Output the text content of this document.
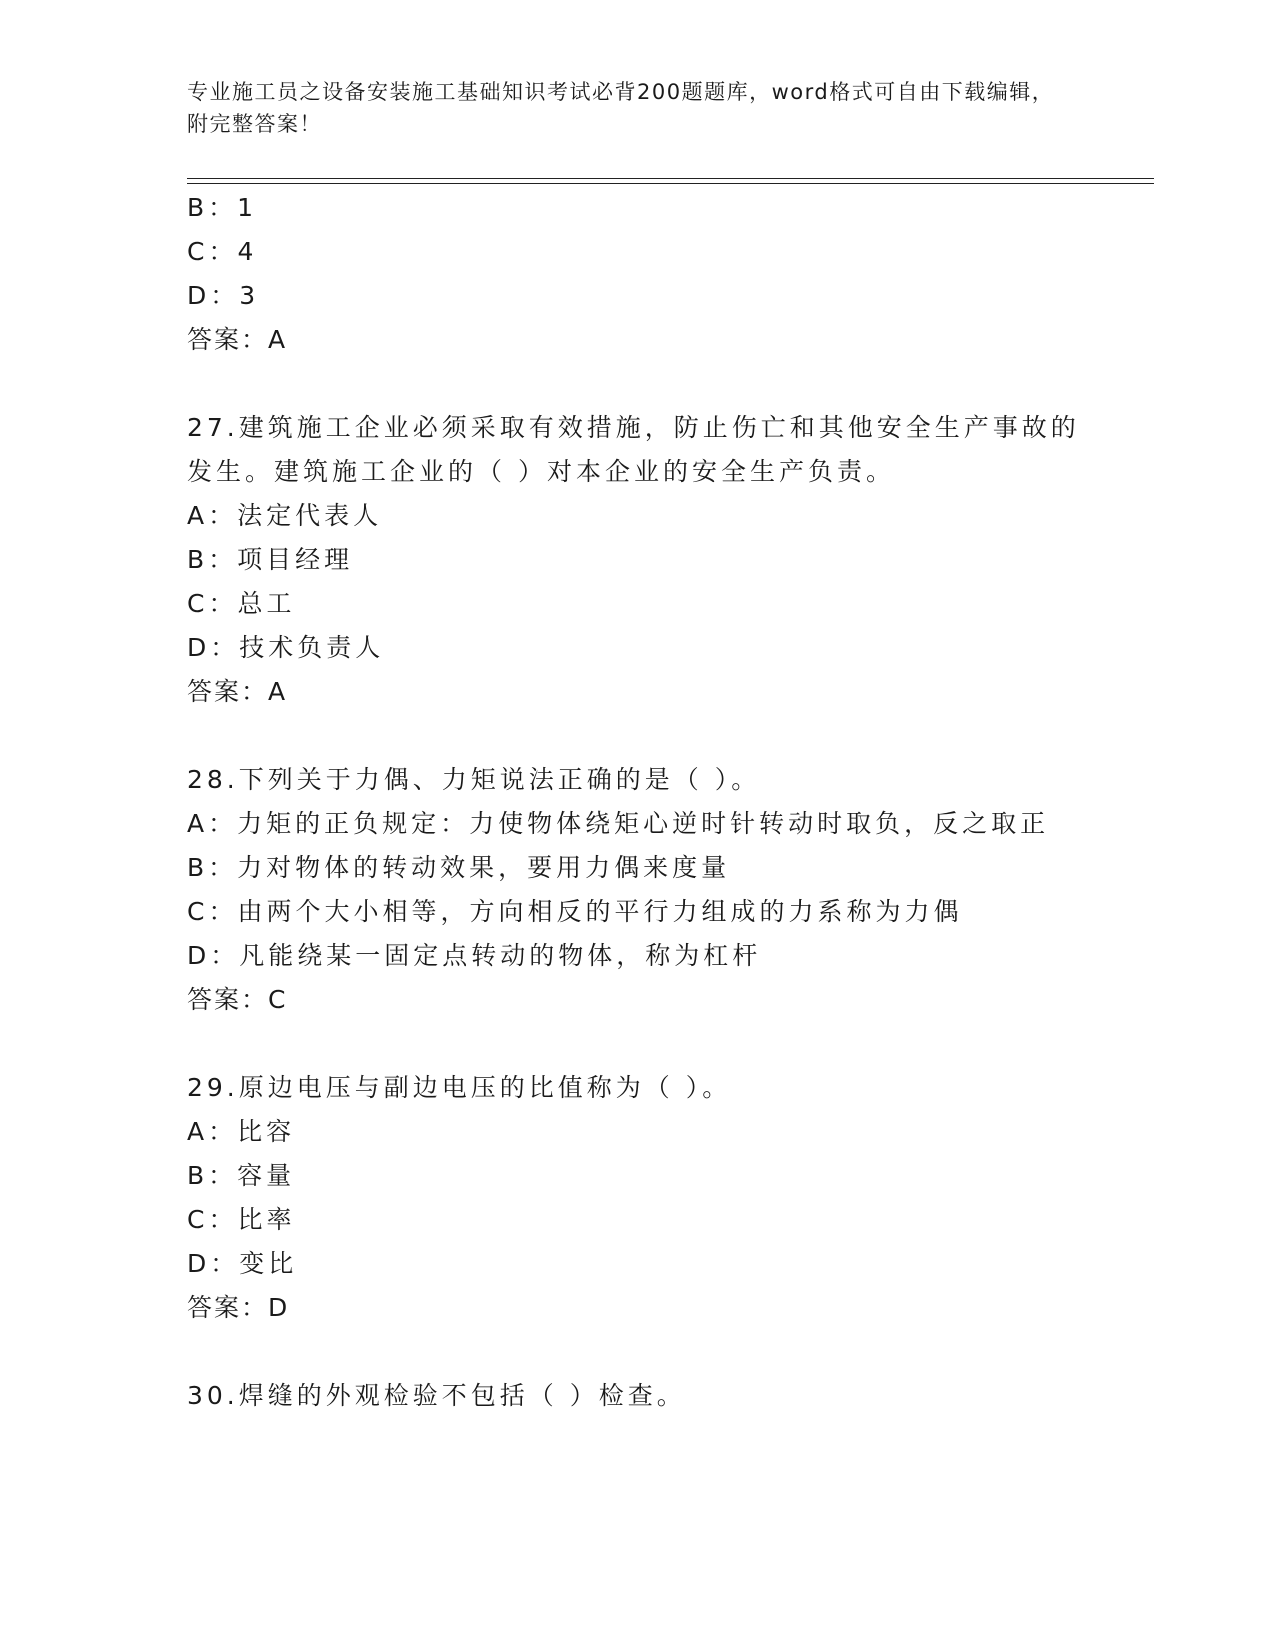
专业施工员之设备安装施工基础知识考试必背200题题库，word格式可自由下载编辑，附完整答案！

B：1
C：4
D：3
答案：A
27.建筑施工企业必须采取有效措施，防止伤亡和其他安全生产事故的
发生。建筑施工企业的（ ）对本企业的安全生产负责。
A：法定代表人
B：项目经理
C：总工
D：技术负责人
答案：A
28.下列关于力偶、力矩说法正确的是（ ）。
A：力矩的正负规定：力使物体绕矩心逆时针转动时取负，反之取正
B：力对物体的转动效果，要用力偶来度量
C：由两个大小相等，方向相反的平行力组成的力系称为力偶
D：凡能绕某一固定点转动的物体，称为杠杆
答案：C
29.原边电压与副边电压的比值称为（ ）。
A：比容
B：容量
C：比率
D：变比
答案：D
30.焊缝的外观检验不包括（ ）检查。
